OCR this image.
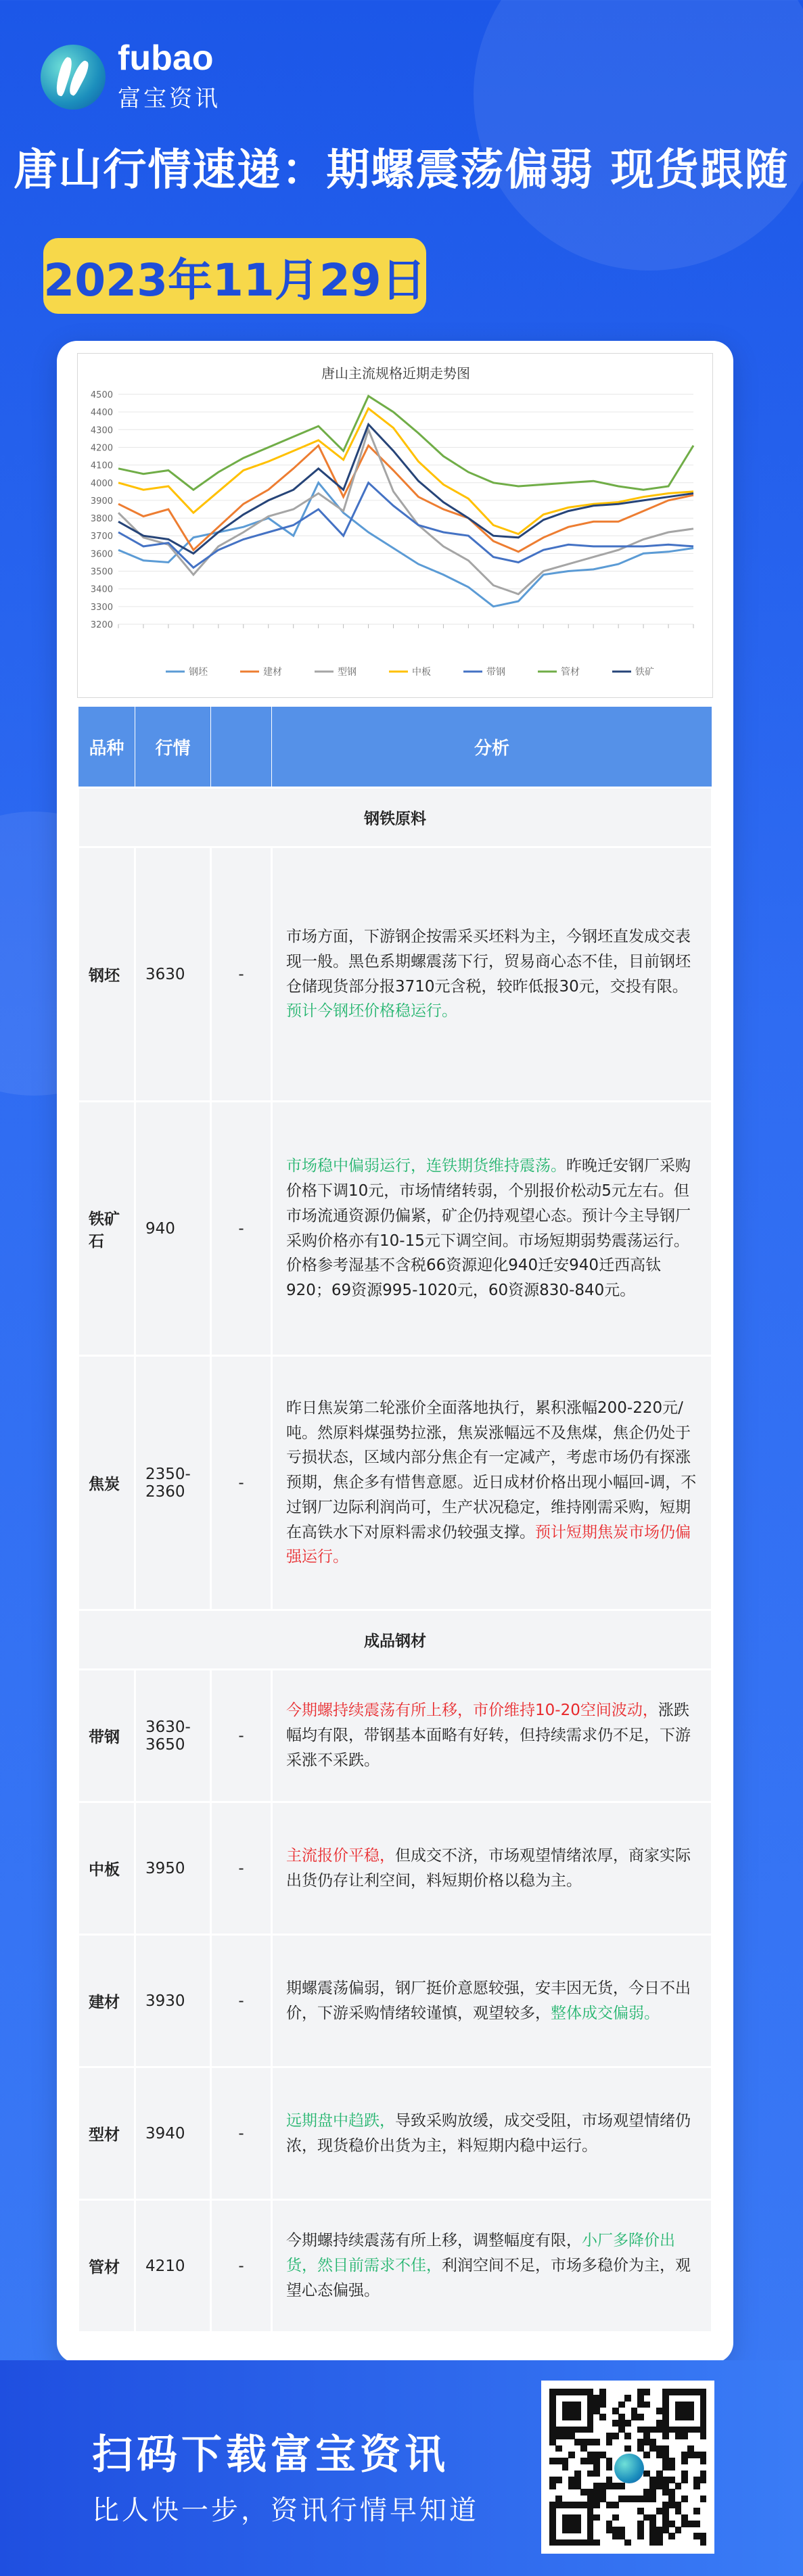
fubao
富宝资讯
唐山行情速递：期螺震荡偏弱 现货跟随
2023年11月29日
唐山主流规格近期走势图
3200
3300
3400
3500
3600
3700
3800
3900
4000
4100
4200
4300
4400
4500
钢坯	建材	型钢	中板	带钢	管材	铁矿
品种	行情		分析
钢铁原料			
钢坯	3630	-	市场方面，下游钢企按需采买坯料为主，今钢坯直发成交表现一般。黑色系期螺震荡下行，贸易商心态不佳，目前钢坯仓储现货部分报3710元含税，较昨低报30元，交投有限。预计今钢坯价格稳运行。
铁矿石	940	-	市场稳中偏弱运行，连铁期货维持震荡。昨晚迁安钢厂采购价格下调10元，市场情绪转弱，个别报价松动5元左右。但市场流通资源仍偏紧，矿企仍持观望心态。预计今主导钢厂采购价格亦有10-15元下调空间。市场短期弱势震荡运行。价格参考湿基不含税66资源迎化940迁安940迁西高钛920；69资源995-1020元，60资源830-840元。
焦炭	2350-2360	-	昨日焦炭第二轮涨价全面落地执行，累积涨幅200-220元/吨。然原料煤强势拉涨，焦炭涨幅远不及焦煤，焦企仍处于亏损状态，区域内部分焦企有一定减产，考虑市场仍有探涨预期，焦企多有惜售意愿。近日成材价格出现小幅回-调，不过钢厂边际利润尚可，生产状况稳定，维持刚需采购，短期在高铁水下对原料需求仍较强支撑。预计短期焦炭市场仍偏强运行。
成品钢材			
带钢	3630-3650	-	今期螺持续震荡有所上移，市价维持10-20空间波动，涨跌幅均有限，带钢基本面略有好转，但持续需求仍不足，下游采涨不采跌。
中板	3950	-	主流报价平稳，但成交不济，市场观望情绪浓厚，商家实际出货仍存让利空间，料短期价格以稳为主。
建材	3930	-	期螺震荡偏弱，钢厂挺价意愿较强，安丰因无货，今日不出价，下游采购情绪较谨慎，观望较多，整体成交偏弱。
型材	3940	-	远期盘中趋跌，导致采购放缓，成交受阻，市场观望情绪仍浓，现货稳价出货为主，料短期内稳中运行。
管材	4210	-	今期螺持续震荡有所上移，调整幅度有限，小厂多降价出货，然目前需求不佳，利润空间不足，市场多稳价为主，观望心态偏强。
扫码下载富宝资讯
比人快一步，资讯行情早知道
